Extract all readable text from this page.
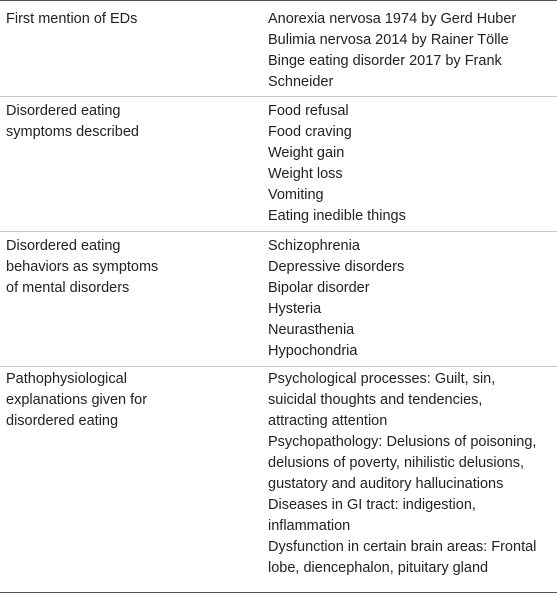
First mention of EDs	Anorexia nervosa 1974 by Gerd Huber
Bulimia nervosa 2014 by Rainer Tölle
Binge eating disorder 2017 by Frank
Schneider
Disordered eating
symptoms described
Food refusal
Food craving
Weight gain
Weight loss
Vomiting
Eating inedible things
Disordered eating
behaviors as symptoms
of mental disorders
Schizophrenia
Depressive disorders
Bipolar disorder
Hysteria
Neurasthenia
Hypochondria
Pathophysiological
explanations given for
disordered eating
Psychological processes: Guilt, sin,
suicidal thoughts and tendencies,
attracting attention
Psychopathology: Delusions of poisoning,
delusions of poverty, nihilistic delusions,
gustatory and auditory hallucinations
Diseases in GI tract: indigestion,
inflammation
Dysfunction in certain brain areas: Frontal
lobe, diencephalon, pituitary gland
